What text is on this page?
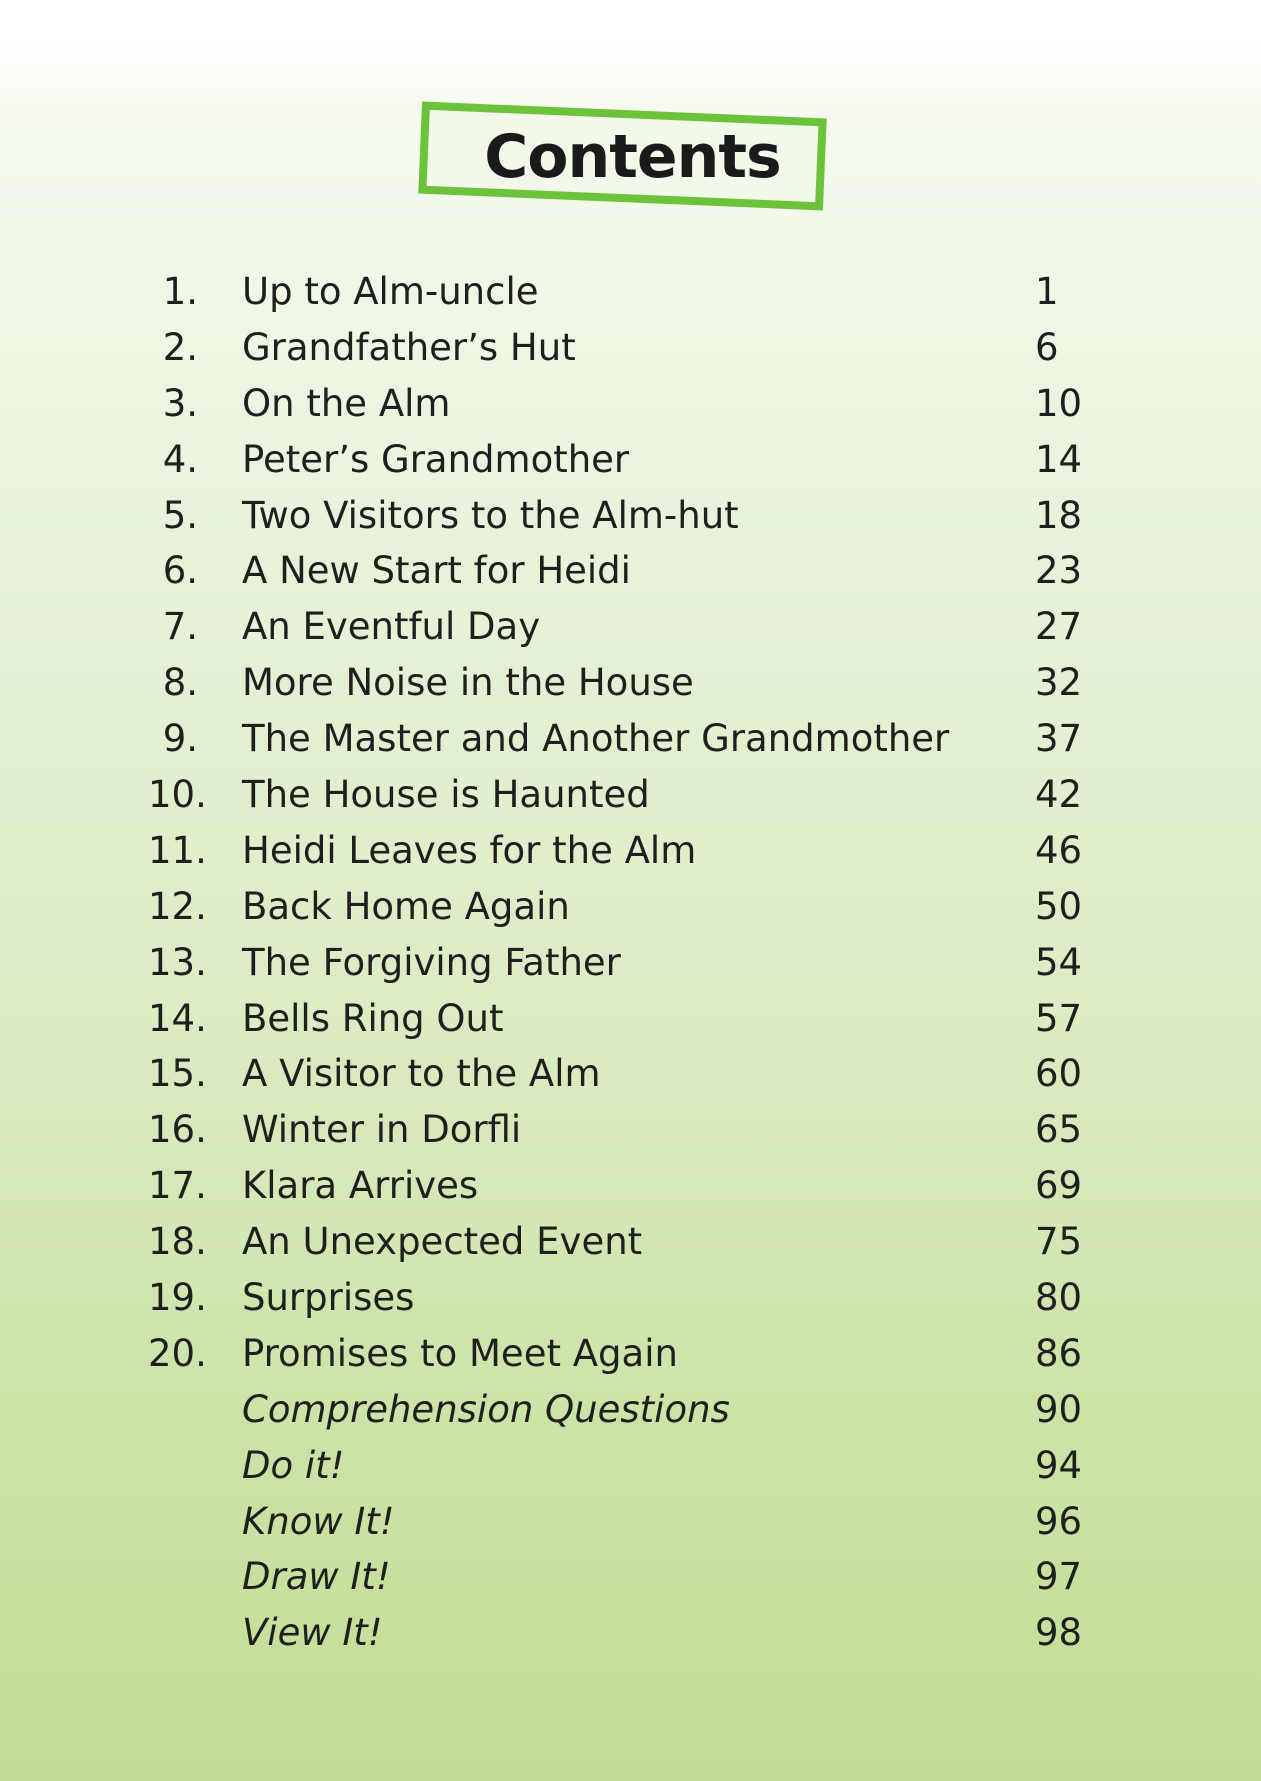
Contents
1. Up to Alm-uncle	1
2. Grandfather’s Hut	6
3. On the Alm	10
4. Peter’s Grandmother	14
5. Two Visitors to the Alm-hut	18
6. A New Start for Heidi	23
7. An Eventful Day	27
8. More Noise in the House	32
9. The Master and Another Grandmother 37
10. The House is Haunted	42
11. Heidi Leaves for the Alm	46
12. Back Home Again	50
13. The Forgiving Father	54
14. Bells Ring Out	57
15. A Visitor to the Alm	60
16. Winter in Dorfli	65
17. Klara Arrives	69
18. An Unexpected Event	75
19. Surprises	80
20. Promises to Meet Again	86
Comprehension Questions	90
Do it!	94
Know It!	96
Draw It!	97
View It!	98
